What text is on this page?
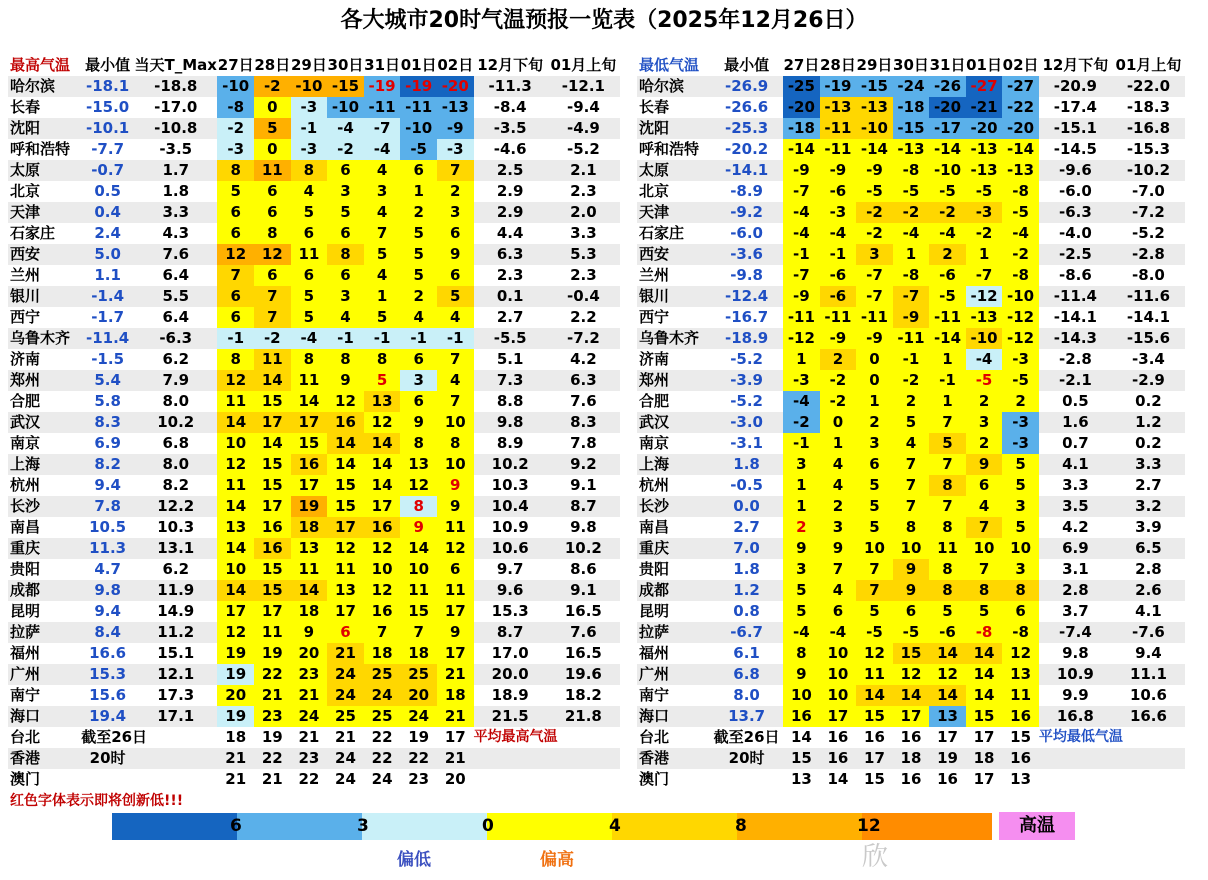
各大城市20时气温预报一览表（2025年12月26日）
最高气温	最小值	当天T_Max	27日	28日	29日	30日	31日	01日	02日	12月下旬	01月上旬
哈尔滨	-18.1	-18.8	-10	-2	-10	-15	-19	-19	-20	-11.3	-12.1
长春	-15.0	-17.0	-8	0	-3	-10	-11	-11	-13	-8.4	-9.4
沈阳	-10.1	-10.8	-2	5	-1	-4	-7	-10	-9	-3.5	-4.9
呼和浩特	-7.7	-3.5	-3	0	-3	-2	-4	-5	-3	-4.6	-5.2
太原	-0.7	1.7	8	11	8	6	4	6	7	2.5	2.1
北京	0.5	1.8	5	6	4	3	3	1	2	2.9	2.3
天津	0.4	3.3	6	6	5	5	4	2	3	2.9	2.0
石家庄	2.4	4.3	6	8	6	6	7	5	6	4.4	3.3
西安	5.0	7.6	12	12	11	8	5	5	9	6.3	5.3
兰州	1.1	6.4	7	6	6	6	4	5	6	2.3	2.3
银川	-1.4	5.5	6	7	5	3	1	2	5	0.1	-0.4
西宁	-1.7	6.4	6	7	5	4	5	4	4	2.7	2.2
乌鲁木齐	-11.4	-6.3	-1	-2	-4	-1	-1	-1	-1	-5.5	-7.2
济南	-1.5	6.2	8	11	8	8	8	6	7	5.1	4.2
郑州	5.4	7.9	12	14	11	9	5	3	4	7.3	6.3
合肥	5.8	8.0	11	15	14	12	13	6	7	8.8	7.6
武汉	8.3	10.2	14	17	17	16	12	9	10	9.8	8.3
南京	6.9	6.8	10	14	15	14	14	8	8	8.9	7.8
上海	8.2	8.0	12	15	16	14	14	13	10	10.2	9.2
杭州	9.4	8.2	11	15	17	15	14	12	9	10.3	9.1
长沙	7.8	12.2	14	17	19	15	17	8	9	10.4	8.7
南昌	10.5	10.3	13	16	18	17	16	9	11	10.9	9.8
重庆	11.3	13.1	14	16	13	12	12	14	12	10.6	10.2
贵阳	4.7	6.2	10	15	11	11	10	10	6	9.7	8.6
成都	9.8	11.9	14	15	14	13	12	11	11	9.6	9.1
昆明	9.4	14.9	17	17	18	17	16	15	17	15.3	16.5
拉萨	8.4	11.2	12	11	9	6	7	7	9	8.7	7.6
福州	16.6	15.1	19	19	20	21	18	18	17	17.0	16.5
广州	15.3	12.1	19	22	23	24	25	25	21	20.0	19.6
南宁	15.6	17.3	20	21	21	24	24	20	18	18.9	18.2
海口	19.4	17.1	19	23	24	25	25	24	21	21.5	21.8
台北	截至26日		18	19	21	21	22	19	17	平均最高气温	
香港	20时		21	22	23	24	22	22	21		
澳门			21	21	22	24	24	23	20		
最低气温	最小值	27日	28日	29日	30日	31日	01日	02日	12月下旬	01月上旬
哈尔滨	-26.9	-25	-19	-15	-24	-26	-27	-27	-20.9	-22.0
长春	-26.6	-20	-13	-13	-18	-20	-21	-22	-17.4	-18.3
沈阳	-25.3	-18	-11	-10	-15	-17	-20	-20	-15.1	-16.8
呼和浩特	-20.2	-14	-11	-14	-13	-14	-13	-14	-14.5	-15.3
太原	-14.1	-9	-9	-9	-8	-10	-13	-13	-9.6	-10.2
北京	-8.9	-7	-6	-5	-5	-5	-5	-8	-6.0	-7.0
天津	-9.2	-4	-3	-2	-2	-2	-3	-5	-6.3	-7.2
石家庄	-6.0	-4	-4	-2	-4	-4	-2	-4	-4.0	-5.2
西安	-3.6	-1	-1	3	1	2	1	-2	-2.5	-2.8
兰州	-9.8	-7	-6	-7	-8	-6	-7	-8	-8.6	-8.0
银川	-12.4	-9	-6	-7	-7	-5	-12	-10	-11.4	-11.6
西宁	-16.7	-11	-11	-11	-9	-11	-13	-12	-14.1	-14.1
乌鲁木齐	-18.9	-12	-9	-9	-11	-14	-10	-12	-14.3	-15.6
济南	-5.2	1	2	0	-1	1	-4	-3	-2.8	-3.4
郑州	-3.9	-3	-2	0	-2	-1	-5	-5	-2.1	-2.9
合肥	-5.2	-4	-2	1	2	1	2	2	0.5	0.2
武汉	-3.0	-2	0	2	5	7	3	-3	1.6	1.2
南京	-3.1	-1	1	3	4	5	2	-3	0.7	0.2
上海	1.8	3	4	6	7	7	9	5	4.1	3.3
杭州	-0.5	1	4	5	7	8	6	5	3.3	2.7
长沙	0.0	1	2	5	7	7	4	3	3.5	3.2
南昌	2.7	2	3	5	8	8	7	5	4.2	3.9
重庆	7.0	9	9	10	10	11	10	10	6.9	6.5
贵阳	1.8	3	7	7	9	8	7	3	3.1	2.8
成都	1.2	5	4	7	9	8	8	8	2.8	2.6
昆明	0.8	5	6	5	6	5	5	6	3.7	4.1
拉萨	-6.7	-4	-4	-5	-5	-6	-8	-8	-7.4	-7.6
福州	6.1	8	10	12	15	14	14	12	9.8	9.4
广州	6.8	9	10	11	12	12	14	13	10.9	11.1
南宁	8.0	10	10	14	14	14	14	11	9.9	10.6
海口	13.7	16	17	15	17	13	15	16	16.8	16.6
台北	截至26日	14	16	16	16	17	17	15	平均最低气温	
香港	20时	15	16	17	18	19	18	16		
澳门		13	14	15	16	16	17	13		
红色字体表示即将创新低!!!
6	3	0	4	8	12	高温
偏低	偏高	欣
